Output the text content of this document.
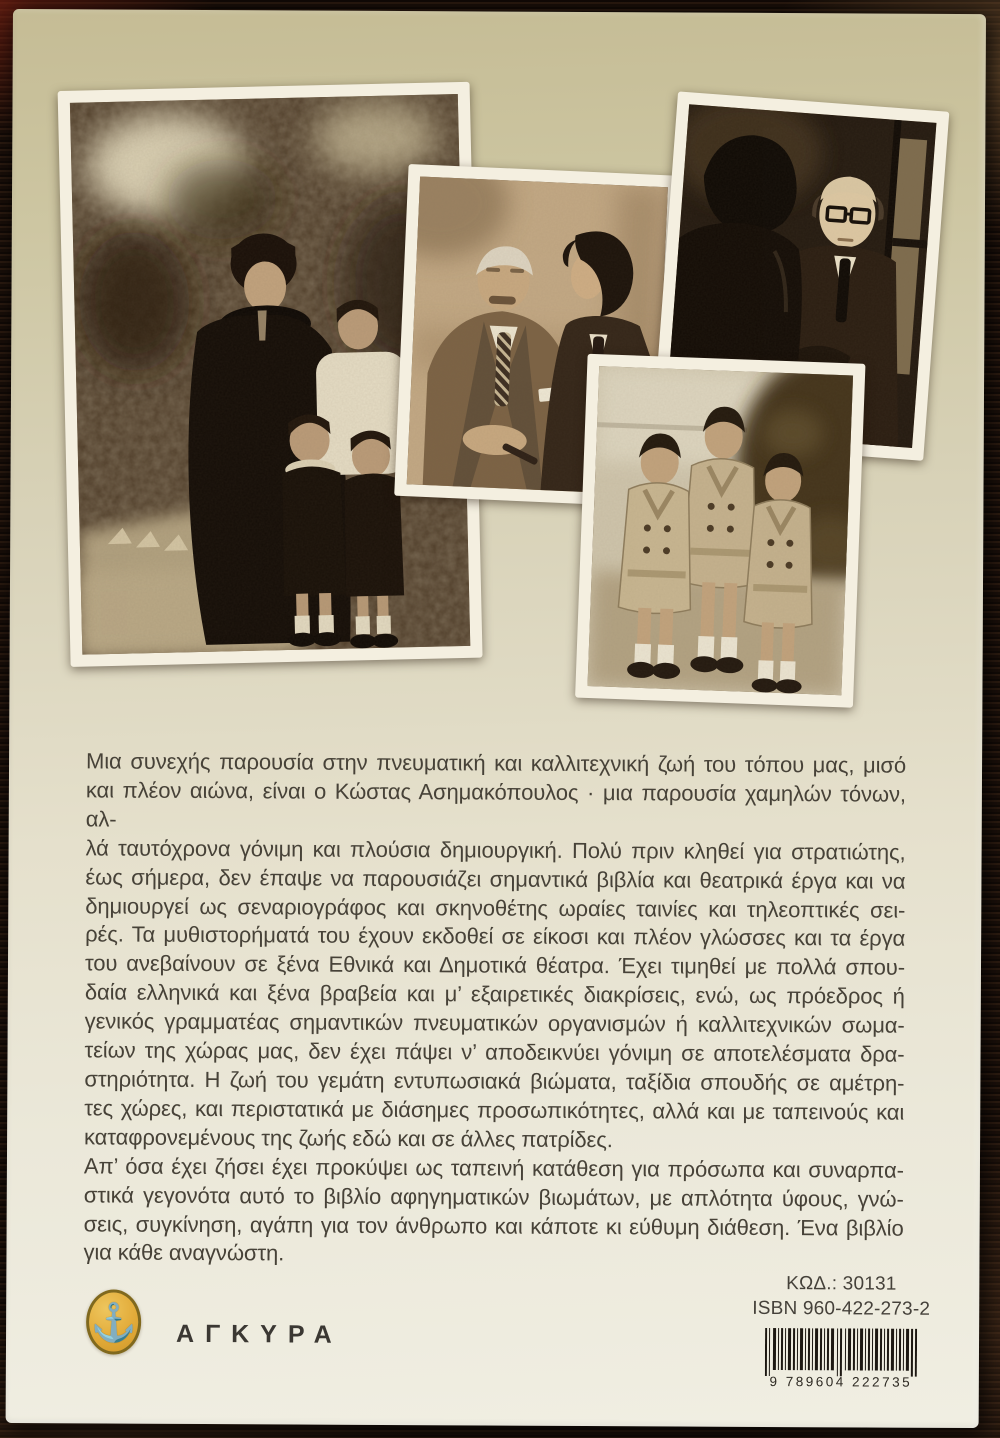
Μια συνεχής παρουσία στην πνευματική και καλλιτεχνική ζωή του τόπου μας, μισό
και πλέον αιώνα, είναι ο Κώστας Ασημακόπουλος · μια παρουσία χαμηλών τόνων, αλ-
λά ταυτόχρονα γόνιμη και πλούσια δημιουργική. Πολύ πριν κληθεί για στρατιώτης,
έως σήμερα, δεν έπαψε να παρουσιάζει σημαντικά βιβλία και θεατρικά έργα και να
δημιουργεί ως σεναριογράφος και σκηνοθέτης ωραίες ταινίες και τηλεοπτικές σει-
ρές. Τα μυθιστορήματά του έχουν εκδοθεί σε είκοσι και πλέον γλώσσες και τα έργα
του ανεβαίνουν σε ξένα Εθνικά και Δημοτικά θέατρα. Έχει τιμηθεί με πολλά σπου-
δαία ελληνικά και ξένα βραβεία και μ’ εξαιρετικές διακρίσεις, ενώ, ως πρόεδρος ή
γενικός γραμματέας σημαντικών πνευματικών οργανισμών ή καλλιτεχνικών σωμα-
τείων της χώρας μας, δεν έχει πάψει ν’ αποδεικνύει γόνιμη σε αποτελέσματα δρα-
στηριότητα. Η ζωή του γεμάτη εντυπωσιακά βιώματα, ταξίδια σπουδής σε αμέτρη-
τες χώρες, και περιστατικά με διάσημες προσωπικότητες, αλλά και με ταπεινούς και
καταφρονεμένους της ζωής εδώ και σε άλλες πατρίδες.
Απ’ όσα έχει ζήσει έχει προκύψει ως ταπεινή κατάθεση για πρόσωπα και συναρπα-
στικά γεγονότα αυτό το βιβλίο αφηγηματικών βιωμάτων, με απλότητα ύφους, γνώ-
σεις, συγκίνηση, αγάπη για τον άνθρωπο και κάποτε κι εύθυμη διάθεση. Ένα βιβλίο
για κάθε αναγνώστη.
⚓ ΑΓΚΥΡΑ
ΚΩΔ.: 30131
ISBN 960-422-273-2
9 789604 222735
